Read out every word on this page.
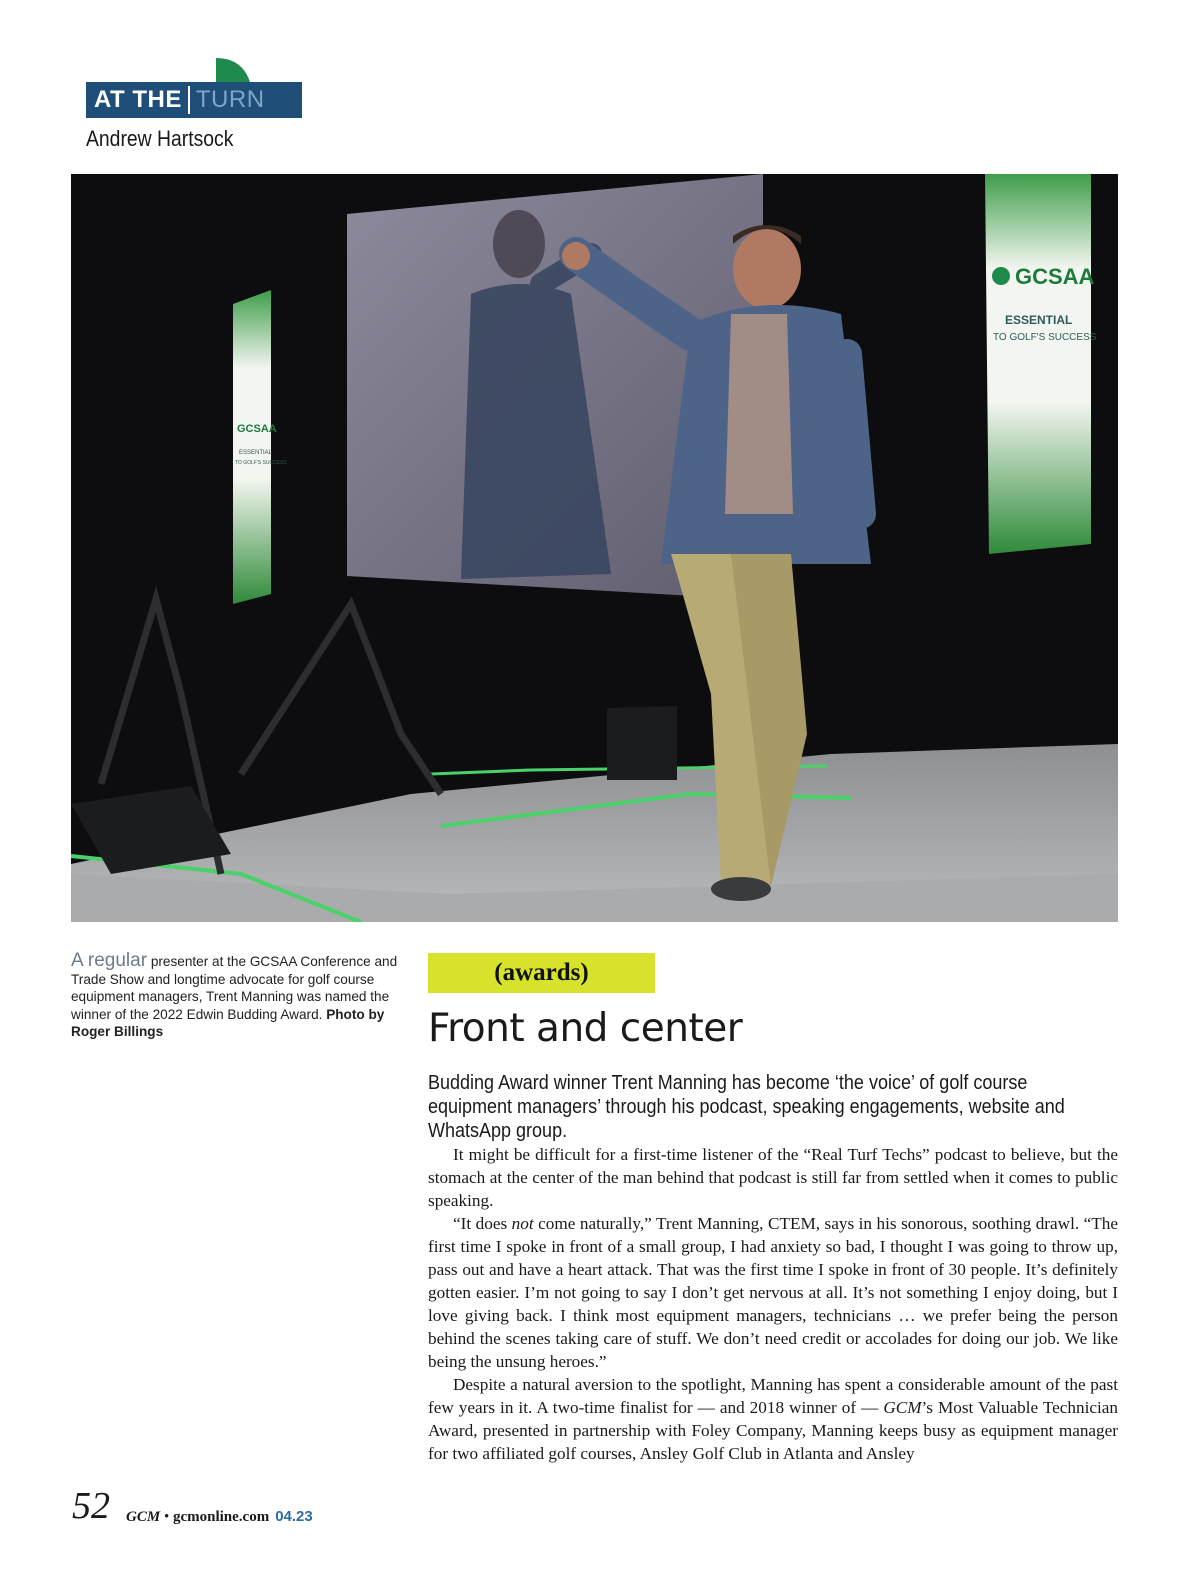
AT THE TURN
Andrew Hartsock
GCSAA
ESSENTIAL
TO GOLF'S SUCCESS
GCSAA
ESSENTIAL
TO GOLF'S SUCCESS
A regular presenter at the GCSAA Conference and Trade Show and longtime advocate for golf course equipment managers, Trent Manning was named the winner of the 2022 Edwin Budding Award. Photo by Roger Billings
(awards)
Front and center
Budding Award winner Trent Manning has become ‘the voice’ of golf course equipment managers’ through his podcast, speaking engagements, website and WhatsApp group.

It might be difficult for a first-time listener of the “Real Turf Techs” podcast to believe, but the stomach at the center of the man behind that podcast is still far from settled when it comes to public speaking.

“It does not come naturally,” Trent Manning, CTEM, says in his sonorous, soothing drawl. “The first time I spoke in front of a small group, I had anxiety so bad, I thought I was going to throw up, pass out and have a heart attack. That was the first time I spoke in front of 30 people. It’s definitely gotten easier. I’m not going to say I don’t get nervous at all. It’s not something I enjoy doing, but I love giving back. I think most equipment managers, technicians … we prefer being the person behind the scenes taking care of stuff. We don’t need credit or accolades for doing our job. We like being the unsung heroes.”

Despite a natural aversion to the spotlight, Manning has spent a considerable amount of the past few years in it. A two-time finalist for — and 2018 winner of — GCM’s Most Valuable Technician Award, presented in partnership with Foley Company, Manning keeps busy as equipment manager for two affiliated golf courses, Ansley Golf Club in Atlanta and Ansley

52 GCM • gcmonline.com 04.23
